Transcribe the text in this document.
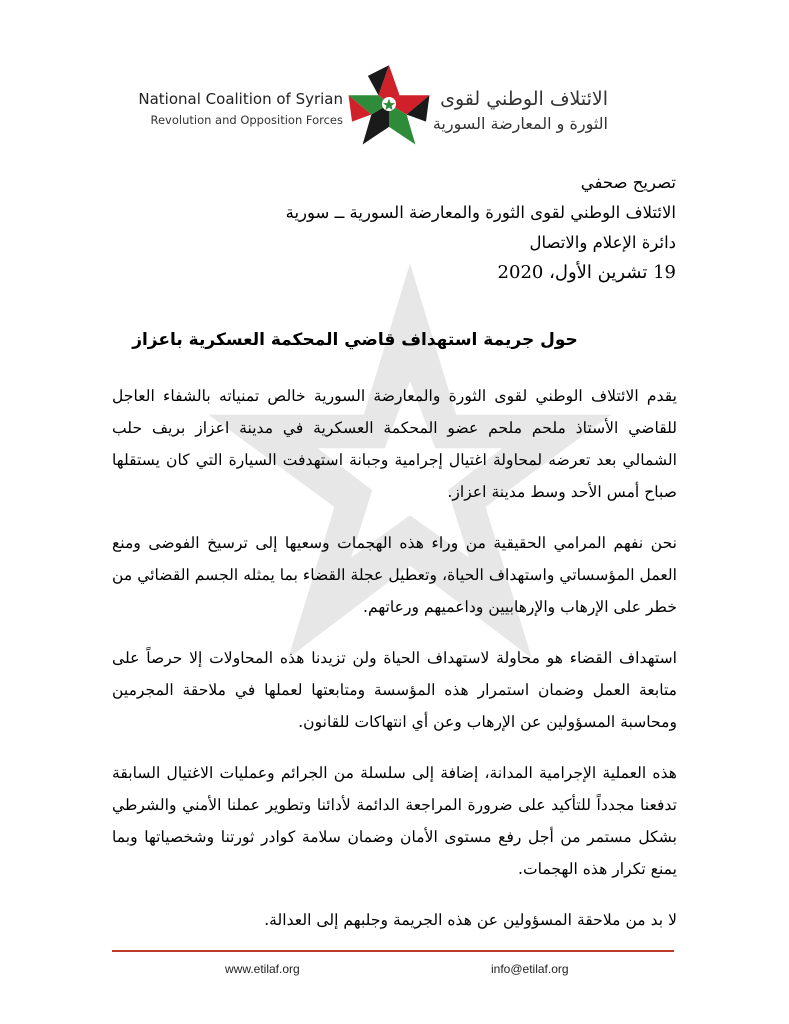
National Coalition of Syrian
Revolution and Opposition Forces
الائتلاف الوطني لقوى
الثورة و المعارضة السورية
تصريح صحفي
الائتلاف الوطني لقوى الثورة والمعارضة السورية ــ سورية
دائرة الإعلام والاتصال
19 تشرين الأول، 2020
حول جريمة استهداف قاضي المحكمة العسكرية باعزاز

يقدم الائتلاف الوطني لقوى الثورة والمعارضة السورية خالص تمنياته بالشفاء العاجل للقاضي الأستاذ ملحم ملحم عضو المحكمة العسكرية في مدينة اعزاز بريف حلب الشمالي بعد تعرضه لمحاولة اغتيال إجرامية وجبانة استهدفت السيارة التي كان يستقلها صباح أمس الأحد وسط مدينة اعزاز.

نحن نفهم المرامي الحقيقية من وراء هذه الهجمات وسعيها إلى ترسيخ الفوضى ومنع العمل المؤسساتي واستهداف الحياة، وتعطيل عجلة القضاء بما يمثله الجسم القضائي من خطر على الإرهاب والإرهابيين وداعميهم ورعاتهم.

استهداف القضاء هو محاولة لاستهداف الحياة ولن تزيدنا هذه المحاولات إلا حرصاً على متابعة العمل وضمان استمرار هذه المؤسسة ومتابعتها لعملها في ملاحقة المجرمين ومحاسبة المسؤولين عن الإرهاب وعن أي انتهاكات للقانون.

هذه العملية الإجرامية المدانة، إضافة إلى سلسلة من الجرائم وعمليات الاغتيال السابقة تدفعنا مجدداً للتأكيد على ضرورة المراجعة الدائمة لأدائنا وتطوير عملنا الأمني والشرطي بشكل مستمر من أجل رفع مستوى الأمان وضمان سلامة كوادر ثورتنا وشخصياتها وبما يمنع تكرار هذه الهجمات.

لا بد من ملاحقة المسؤولين عن هذه الجريمة وجلبهم إلى العدالة.

www.etilaf.org	info@etilaf.org
